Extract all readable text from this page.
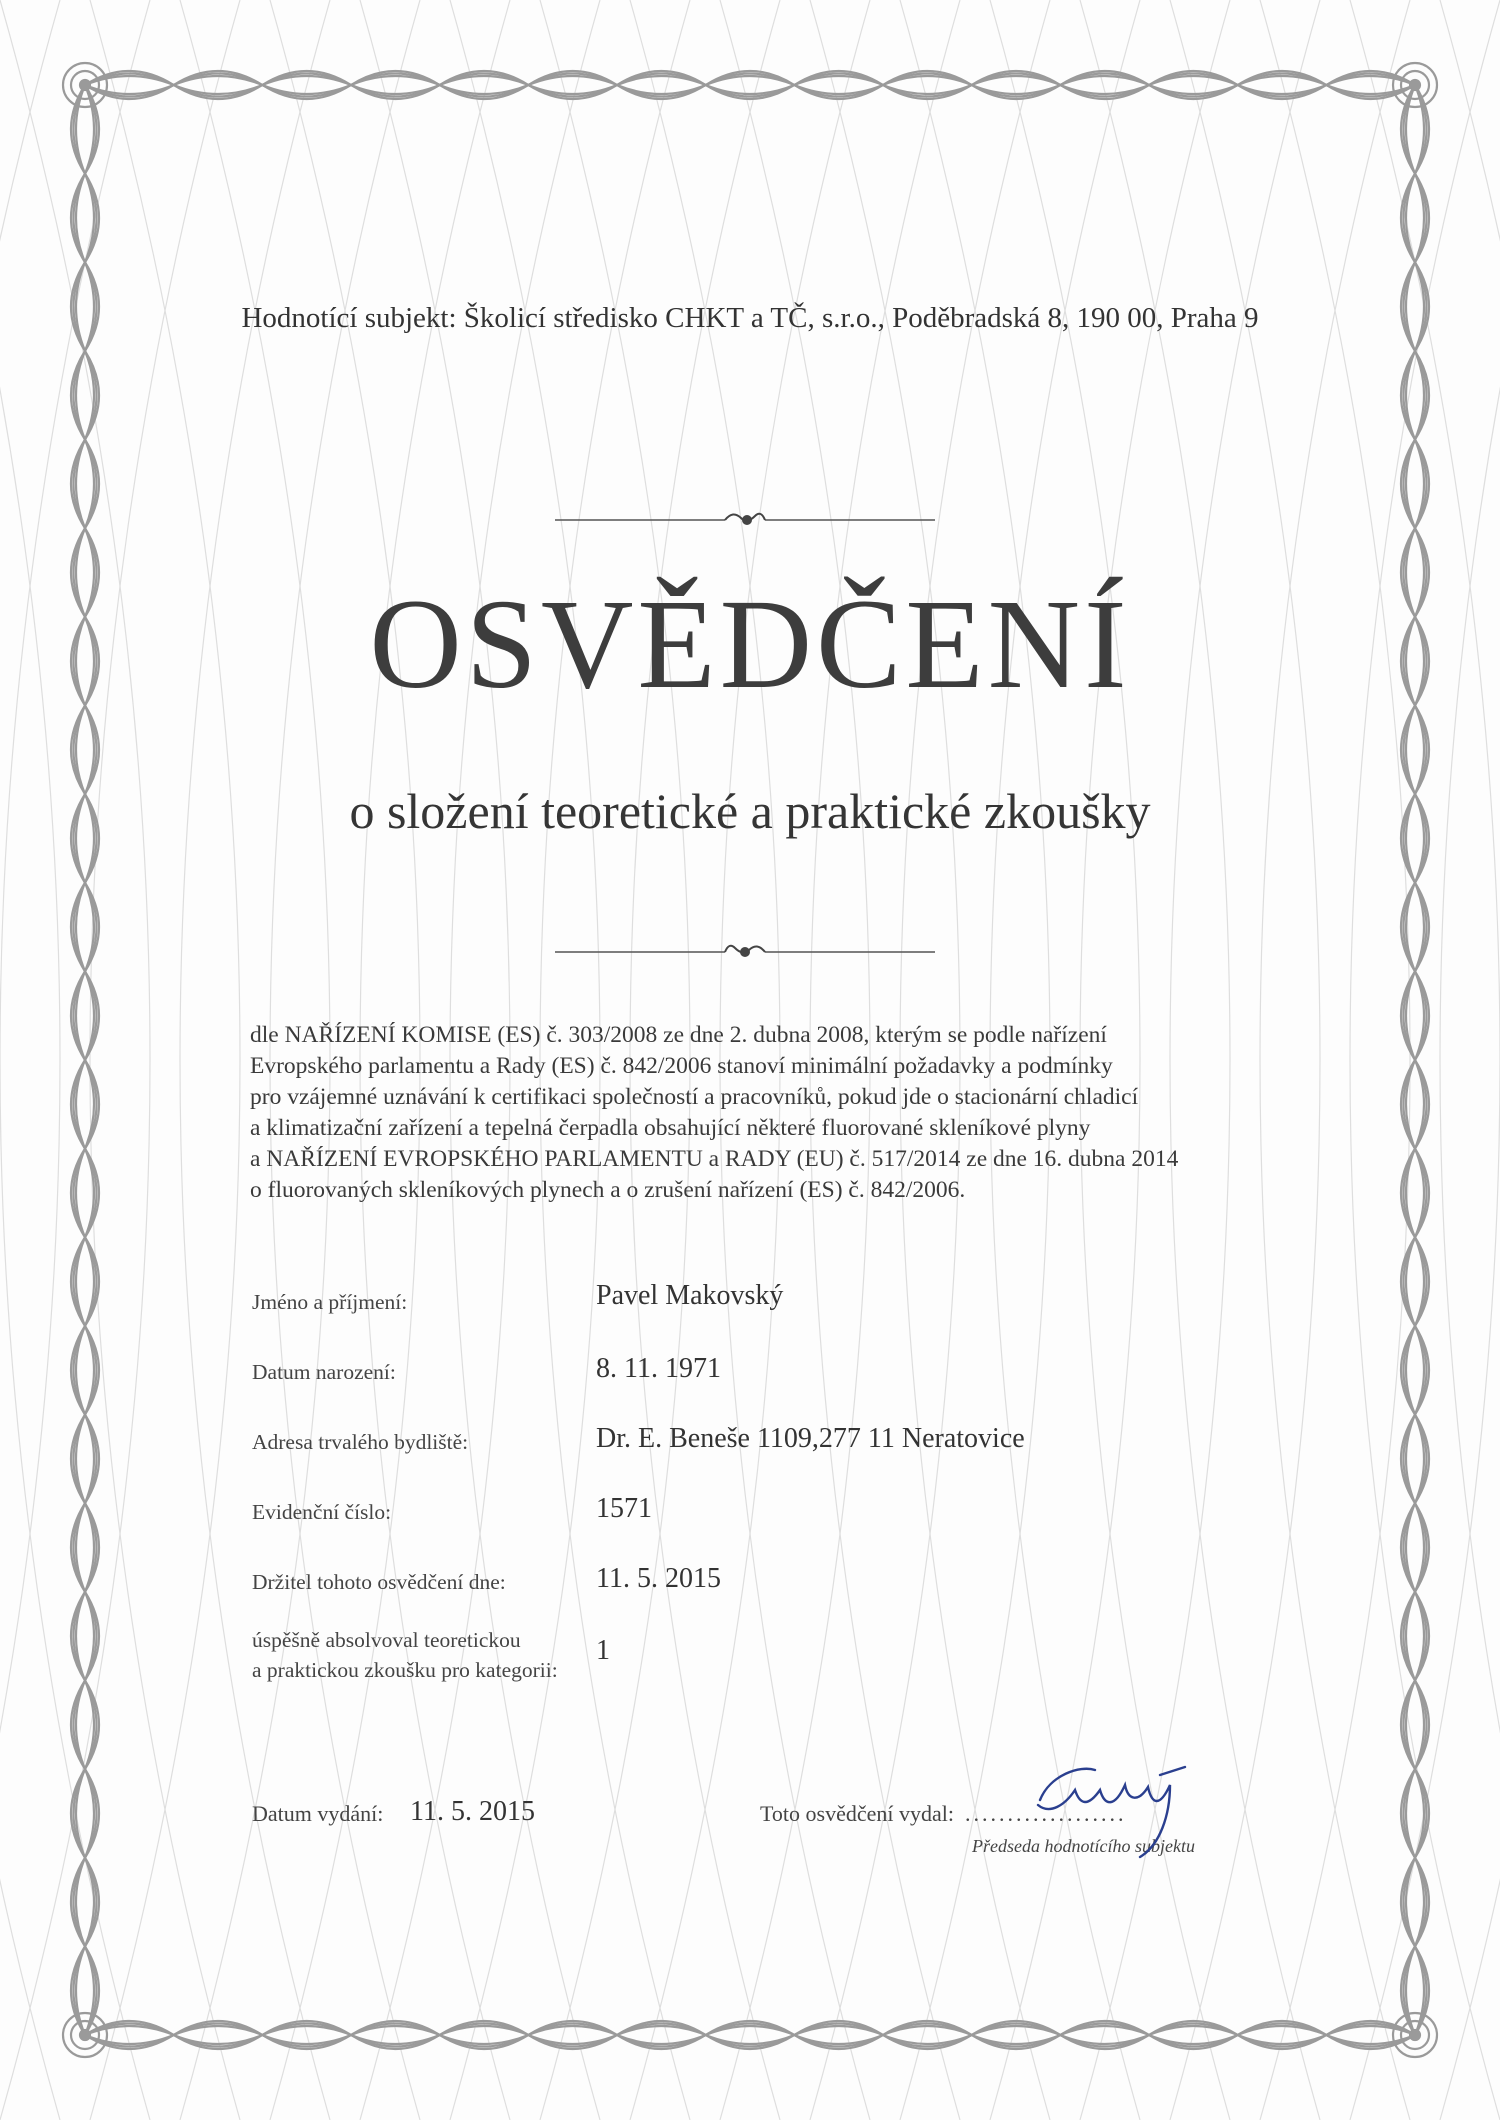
Hodnotící subjekt: Školicí středisko CHKT a TČ, s.r.o., Poděbradská 8, 190 00, Praha 9
OSVĚDČENÍ
o složení teoretické a praktické zkoušky
dle NAŘÍZENÍ KOMISE (ES) č. 303/2008 ze dne 2. dubna 2008, kterým se podle nařízení
Evropského parlamentu a Rady (ES) č. 842/2006 stanoví minimální požadavky a podmínky
pro vzájemné uznávání k certifikaci společností a pracovníků, pokud jde o stacionární chladicí
a klimatizační zařízení a tepelná čerpadla obsahující některé fluorované skleníkové plyny
a NAŘÍZENÍ EVROPSKÉHO PARLAMENTU a RADY (EU) č. 517/2014 ze dne 16. dubna 2014
o fluorovaných skleníkových plynech a o zrušení nařízení (ES) č. 842/2006.
Jméno a příjmení:	Pavel Makovský
Datum narození:	8. 11. 1971
Adresa trvalého bydliště:	Dr. E. Beneše 1109,277 11 Neratovice
Evidenční číslo:	1571
Držitel tohoto osvědčení dne:	11. 5. 2015
úspěšně absolvoval teoretickou
a praktickou zkoušku pro kategorii:
1
Datum vydání: 11. 5. 2015	Toto osvědčení vydal: ...................
Předseda hodnotícího subjektu
